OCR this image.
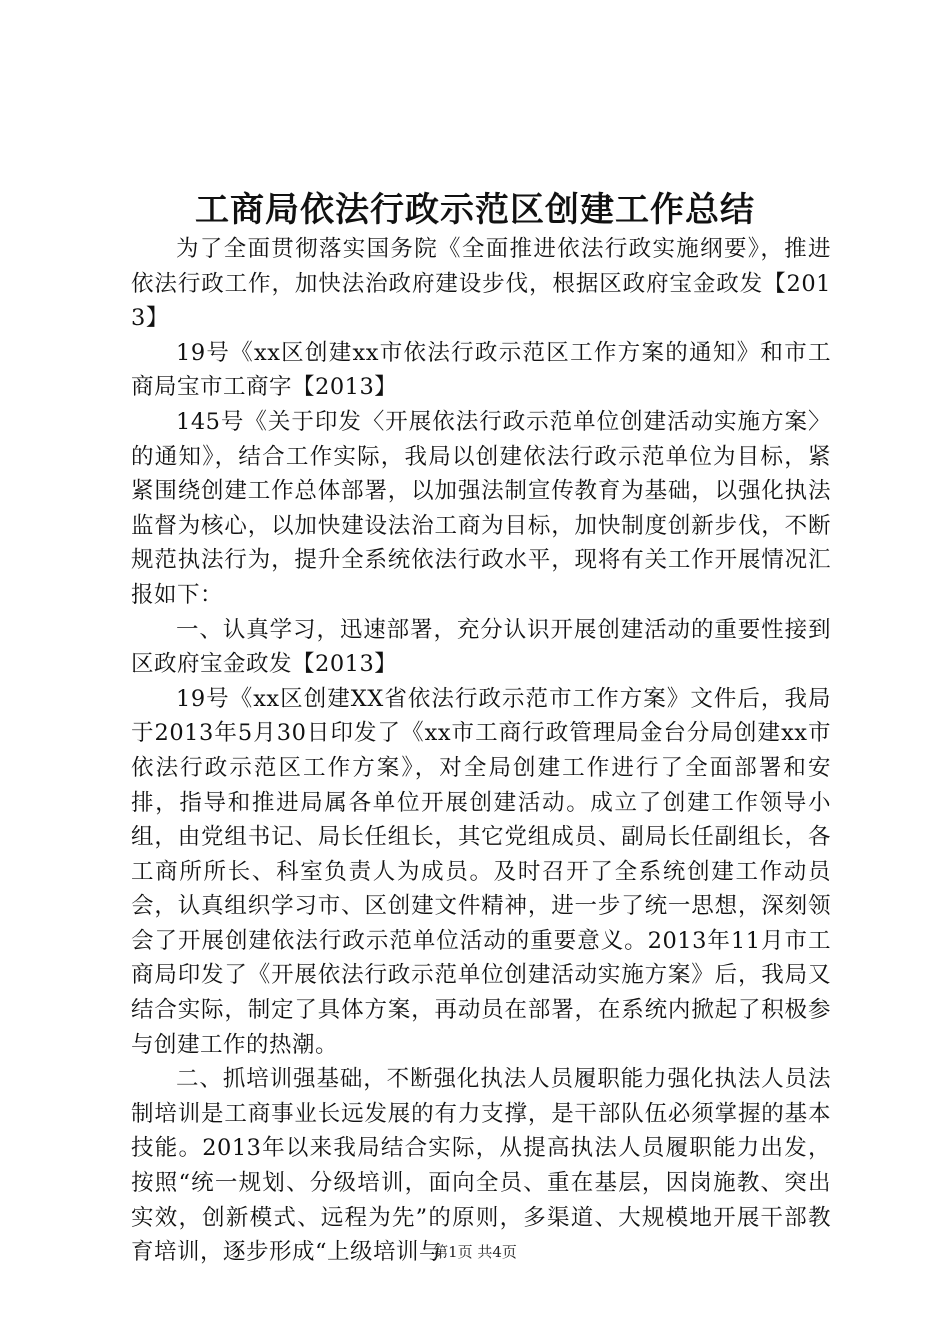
工商局依法行政示范区创建工作总结

为了全面贯彻落实国务院《全面推进依法行政实施纲要》，推进依法行政工作，加快法治政府建设步伐，根据区政府宝金政发【2013】

19号《xx区创建xx市依法行政示范区工作方案的通知》和市工商局宝市工商字【2013】

145号《关于印发〈开展依法行政示范单位创建活动实施方案〉的通知》，结合工作实际，我局以创建依法行政示范单位为目标，紧紧围绕创建工作总体部署，以加强法制宣传教育为基础，以强化执法监督为核心，以加快建设法治工商为目标，加快制度创新步伐，不断规范执法行为，提升全系统依法行政水平，现将有关工作开展情况汇报如下：

一、认真学习，迅速部署，充分认识开展创建活动的重要性接到区政府宝金政发【2013】

19号《xx区创建XX省依法行政示范市工作方案》文件后，我局于2013年5月30日印发了《xx市工商行政管理局金台分局创建xx市依法行政示范区工作方案》，对全局创建工作进行了全面部署和安排，指导和推进局属各单位开展创建活动。成立了创建工作领导小组，由党组书记、局长任组长，其它党组成员、副局长任副组长，各工商所所长、科室负责人为成员。及时召开了全系统创建工作动员会，认真组织学习市、区创建文件精神，进一步了统一思想，深刻领会了开展创建依法行政示范单位活动的重要意义。2013年11月市工商局印发了《开展依法行政示范单位创建活动实施方案》后，我局又结合实际，制定了具体方案，再动员在部署，在系统内掀起了积极参与创建工作的热潮。

二、抓培训强基础，不断强化执法人员履职能力强化执法人员法制培训是工商事业长远发展的有力支撑，是干部队伍必须掌握的基本技能。2013年以来我局结合实际，从提高执法人员履职能力出发，按照“统一规划、分级培训，面向全员、重在基层，因岗施教、突出实效，创新模式、远程为先”的原则，多渠道、大规模地开展干部教育培训，逐步形成“上级培训与

第1页 共4页
